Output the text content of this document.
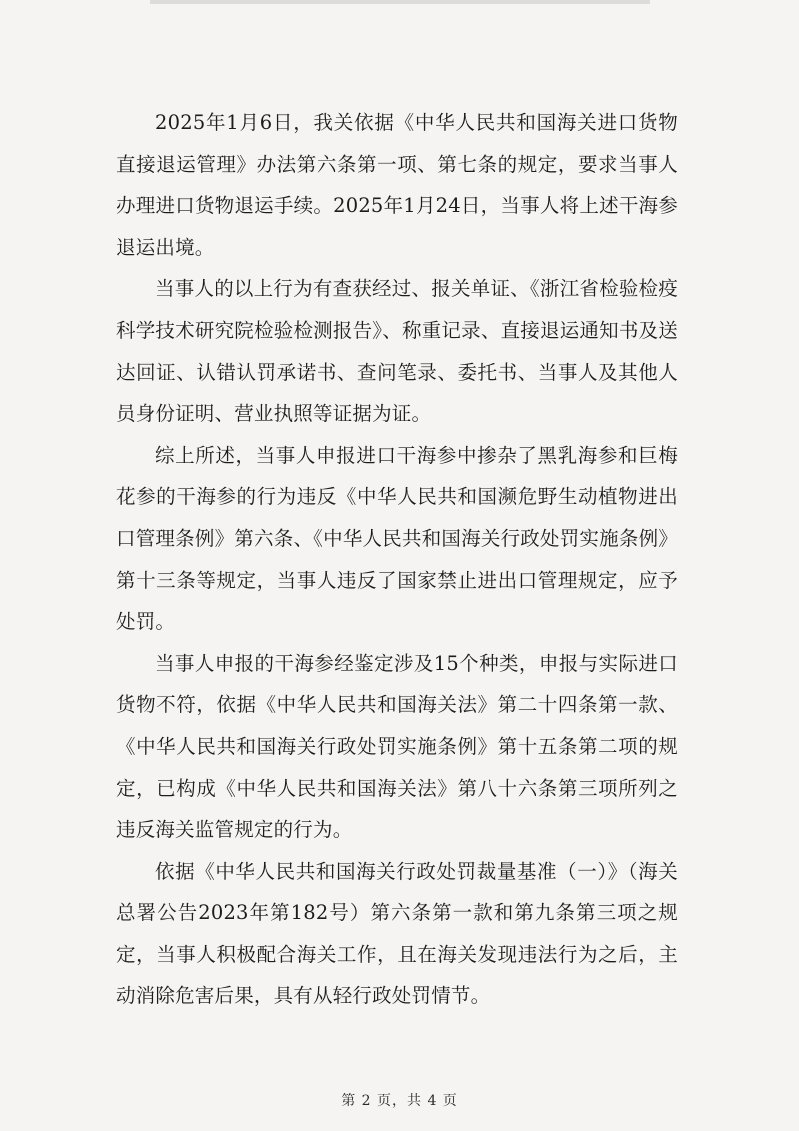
2025年1月6日，我关依据《中华人民共和国海关进口货物直接退运管理》办法第六条第一项、第七条的规定，要求当事人办理进口货物退运手续。2025年1月24日，当事人将上述干海参退运出境。

当事人的以上行为有查获经过、报关单证、《浙江省检验检疫科学技术研究院检验检测报告》、称重记录、直接退运通知书及送达回证、认错认罚承诺书、查问笔录、委托书、当事人及其他人员身份证明、营业执照等证据为证。

综上所述，当事人申报进口干海参中掺杂了黑乳海参和巨梅花参的干海参的行为违反《中华人民共和国濒危野生动植物进出口管理条例》第六条、《中华人民共和国海关行政处罚实施条例》第十三条等规定，当事人违反了国家禁止进出口管理规定，应予处罚。

当事人申报的干海参经鉴定涉及15个种类，申报与实际进口货物不符，依据《中华人民共和国海关法》第二十四条第一款、《中华人民共和国海关行政处罚实施条例》第十五条第二项的规定，已构成《中华人民共和国海关法》第八十六条第三项所列之违反海关监管规定的行为。

依据《中华人民共和国海关行政处罚裁量基准（一）》（海关总署公告2023年第182号）第六条第一款和第九条第三项之规定，当事人积极配合海关工作，且在海关发现违法行为之后，主动消除危害后果，具有从轻行政处罚情节。

第 2 页，共 4 页
